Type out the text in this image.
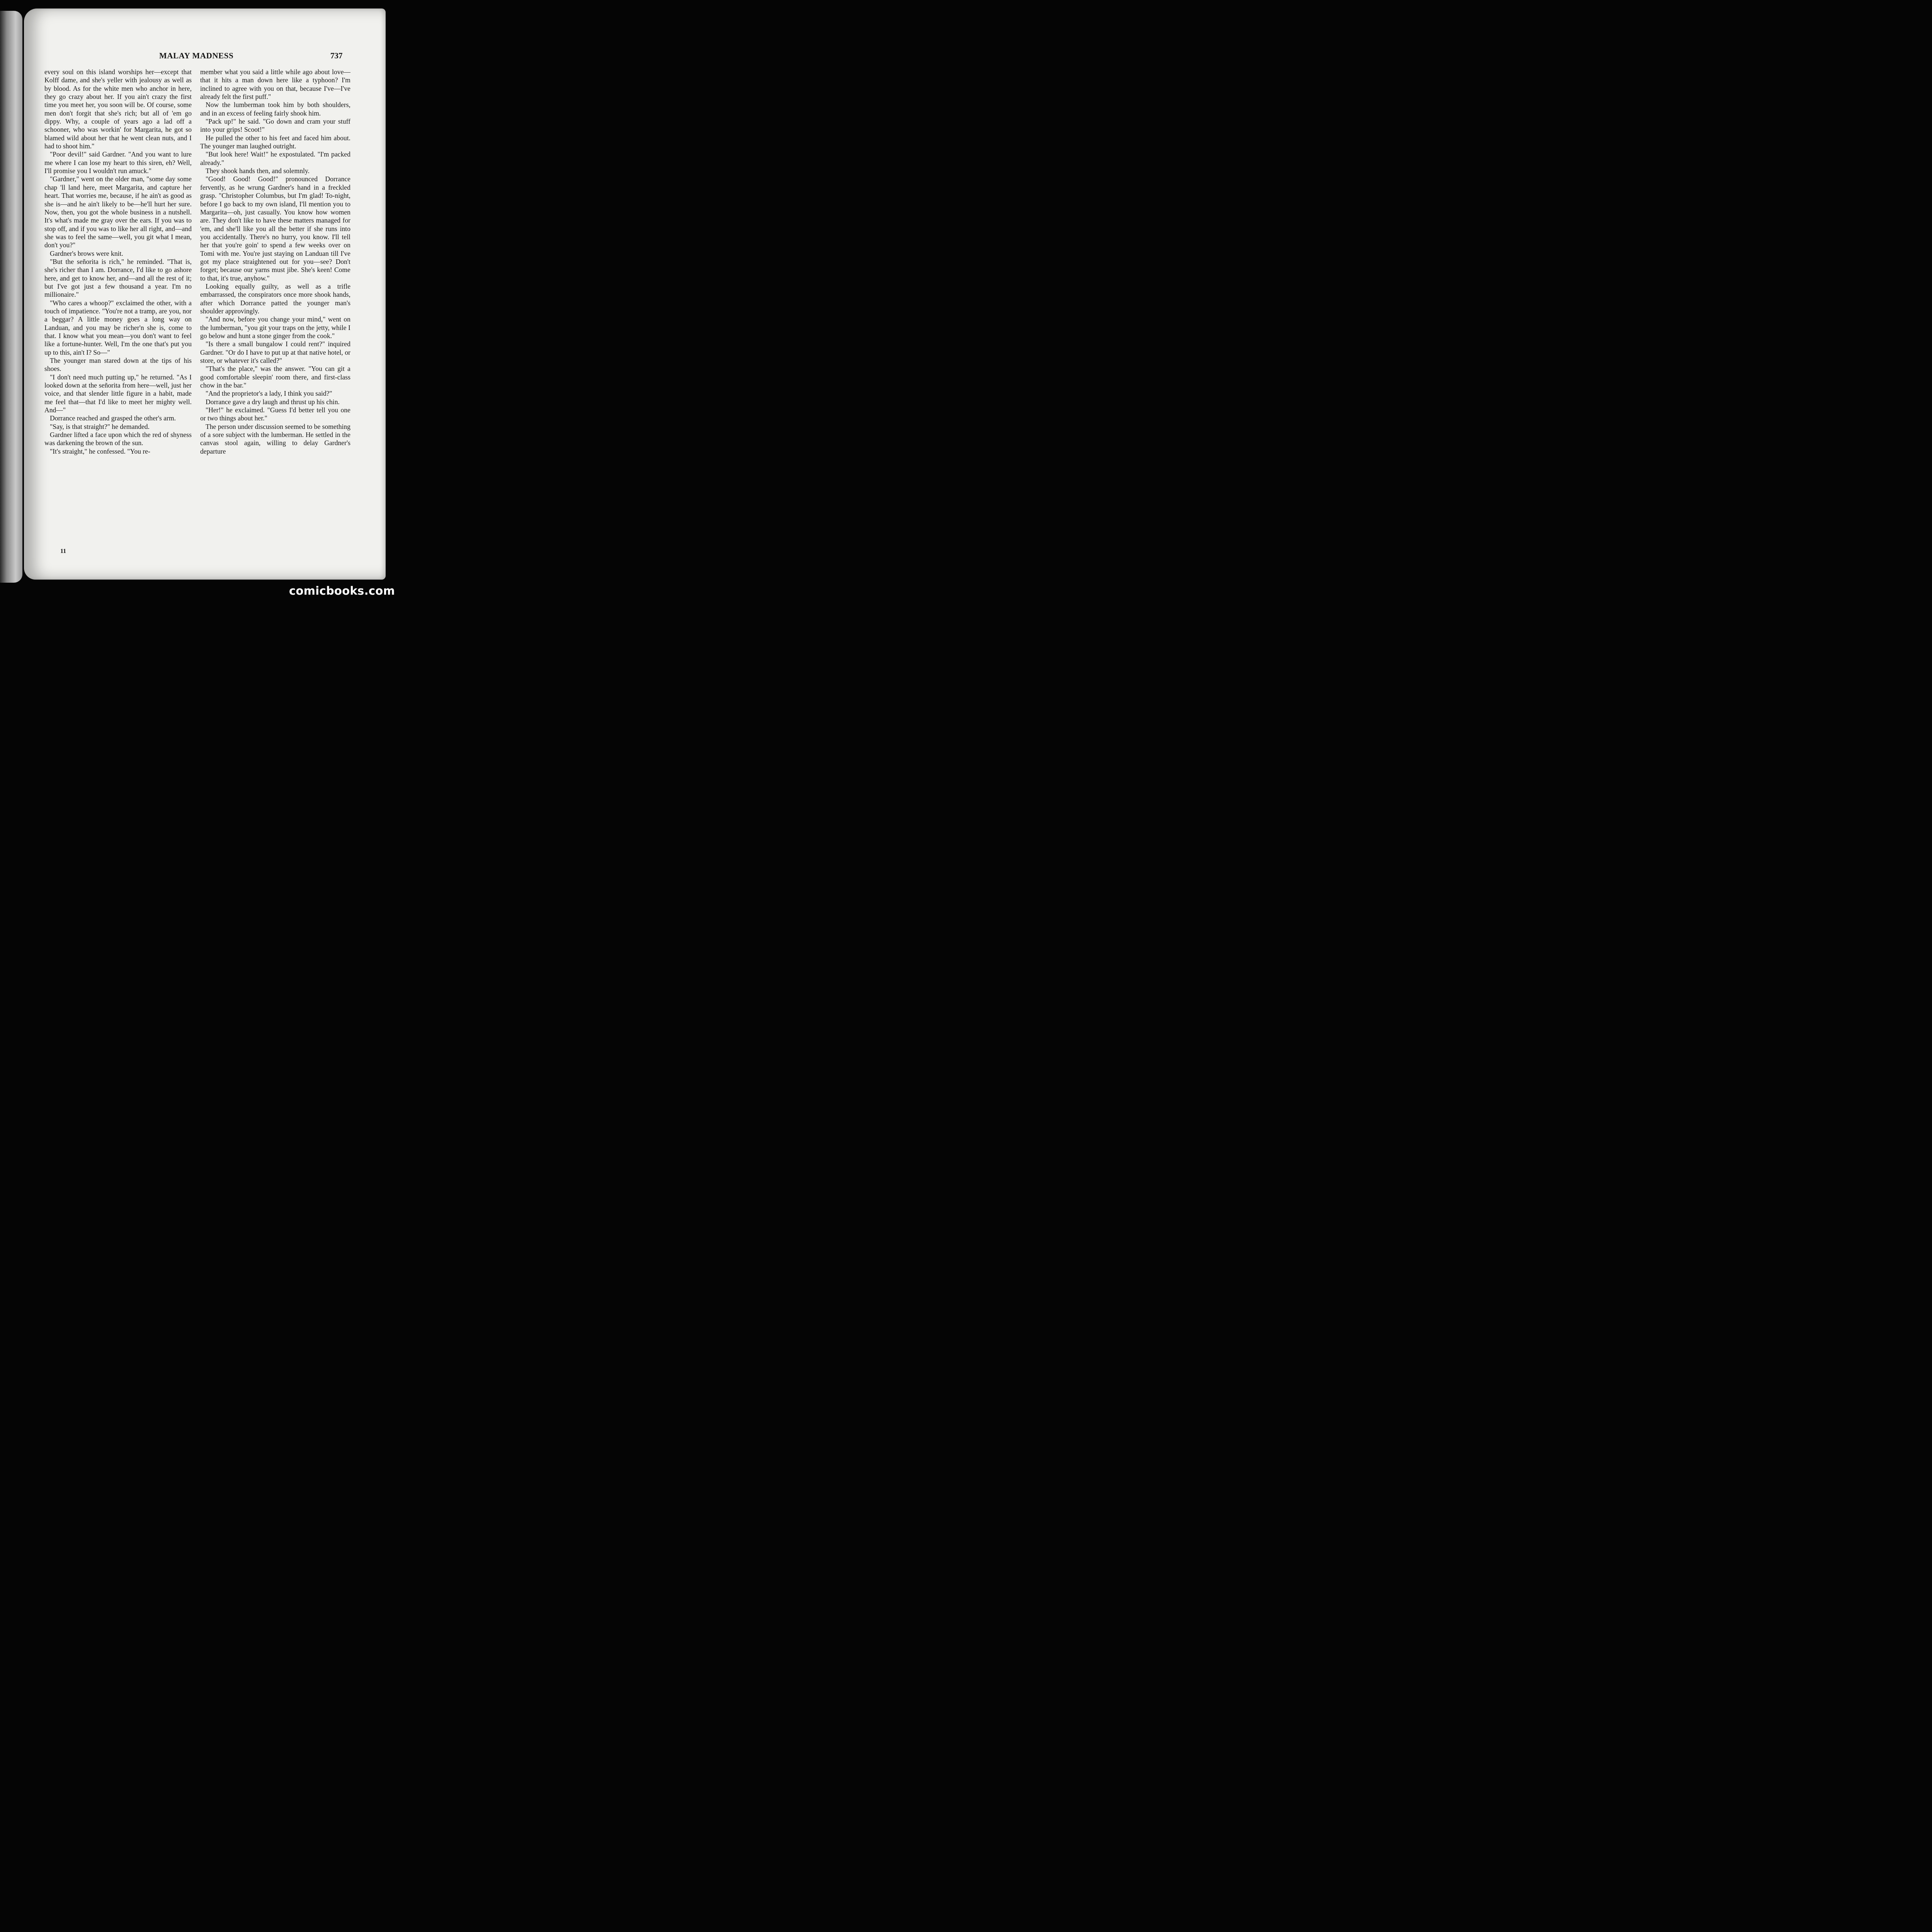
MALAY MADNESS	737

every soul on this island worships her—except that Kolff dame, and she's yeller with jealousy as well as by blood. As for the white men who anchor in here, they go crazy about her. If you ain't crazy the first time you meet her, you soon will be. Of course, some men don't forgit that she's rich; but all of 'em go dippy. Why, a couple of years ago a lad off a schooner, who was workin' for Margarita, he got so blamed wild about her that he went clean nuts, and I had to shoot him."

"Poor devil!" said Gardner. "And you want to lure me where I can lose my heart to this siren, eh? Well, I'll promise you I wouldn't run amuck."

"Gardner," went on the older man, "some day some chap 'll land here, meet Margarita, and capture her heart. That worries me, because, if he ain't as good as she is—and he ain't likely to be—he'll hurt her sure. Now, then, you got the whole business in a nutshell. It's what's made me gray over the ears. If you was to stop off, and if you was to like her all right, and—and she was to feel the same—well, you git what I mean, don't you?"

Gardner's brows were knit.

"But the señorita is rich," he reminded. "That is, she's richer than I am. Dorrance, I'd like to go ashore here, and get to know her, and—and all the rest of it; but I've got just a few thousand a year. I'm no millionaire."

"Who cares a whoop?" exclaimed the other, with a touch of impatience. "You're not a tramp, are you, nor a beggar? A little money goes a long way on Landuan, and you may be richer'n she is, come to that. I know what you mean—you don't want to feel like a fortune-hunter. Well, I'm the one that's put you up to this, ain't I? So—"

The younger man stared down at the tips of his shoes.

"I don't need much putting up," he returned. "As I looked down at the señorita from here—well, just her voice, and that slender little figure in a habit, made me feel that—that I'd like to meet her mighty well. And—"

Dorrance reached and grasped the other's arm.

"Say, is that straight?" he demanded.

Gardner lifted a face upon which the red of shyness was darkening the brown of the sun.

"It's straight," he confessed. "You re-

member what you said a little while ago about love—that it hits a man down here like a typhoon? I'm inclined to agree with you on that, because I've—I've already felt the first puff."

Now the lumberman took him by both shoulders, and in an excess of feeling fairly shook him.

"Pack up!" he said. "Go down and cram your stuff into your grips! Scoot!"

He pulled the other to his feet and faced him about. The younger man laughed outright.

"But look here! Wait!" he expostulated. "I'm packed already."

They shook hands then, and solemnly.

"Good! Good! Good!" pronounced Dorrance fervently, as he wrung Gardner's hand in a freckled grasp. "Christopher Columbus, but I'm glad! To-night, before I go back to my own island, I'll mention you to Margarita—oh, just casually. You know how women are. They don't like to have these matters managed for 'em, and she'll like you all the better if she runs into you accidentally. There's no hurry, you know. I'll tell her that you're goin' to spend a few weeks over on Tomi with me. You're just staying on Landuan till I've got my place straightened out for you—see? Don't forget; because our yarns must jibe. She's keen! Come to that, it's true, anyhow."

Looking equally guilty, as well as a trifle embarrassed, the conspirators once more shook hands, after which Dorrance patted the younger man's shoulder approvingly.

"And now, before you change your mind," went on the lumberman, "you git your traps on the jetty, while I go below and hunt a stone ginger from the cook."

"Is there a small bungalow I could rent?" inquired Gardner. "Or do I have to put up at that native hotel, or store, or whatever it's called?"

"That's the place," was the answer. "You can git a good comfortable sleepin' room there, and first-class chow in the bar."

"And the proprietor's a lady, I think you said?"

Dorrance gave a dry laugh and thrust up his chin.

"Her!" he exclaimed. "Guess I'd better tell you one or two things about her."

The person under discussion seemed to be something of a sore subject with the lumberman. He settled in the canvas stool again, willing to delay Gardner's departure

11
comicbooks.com
